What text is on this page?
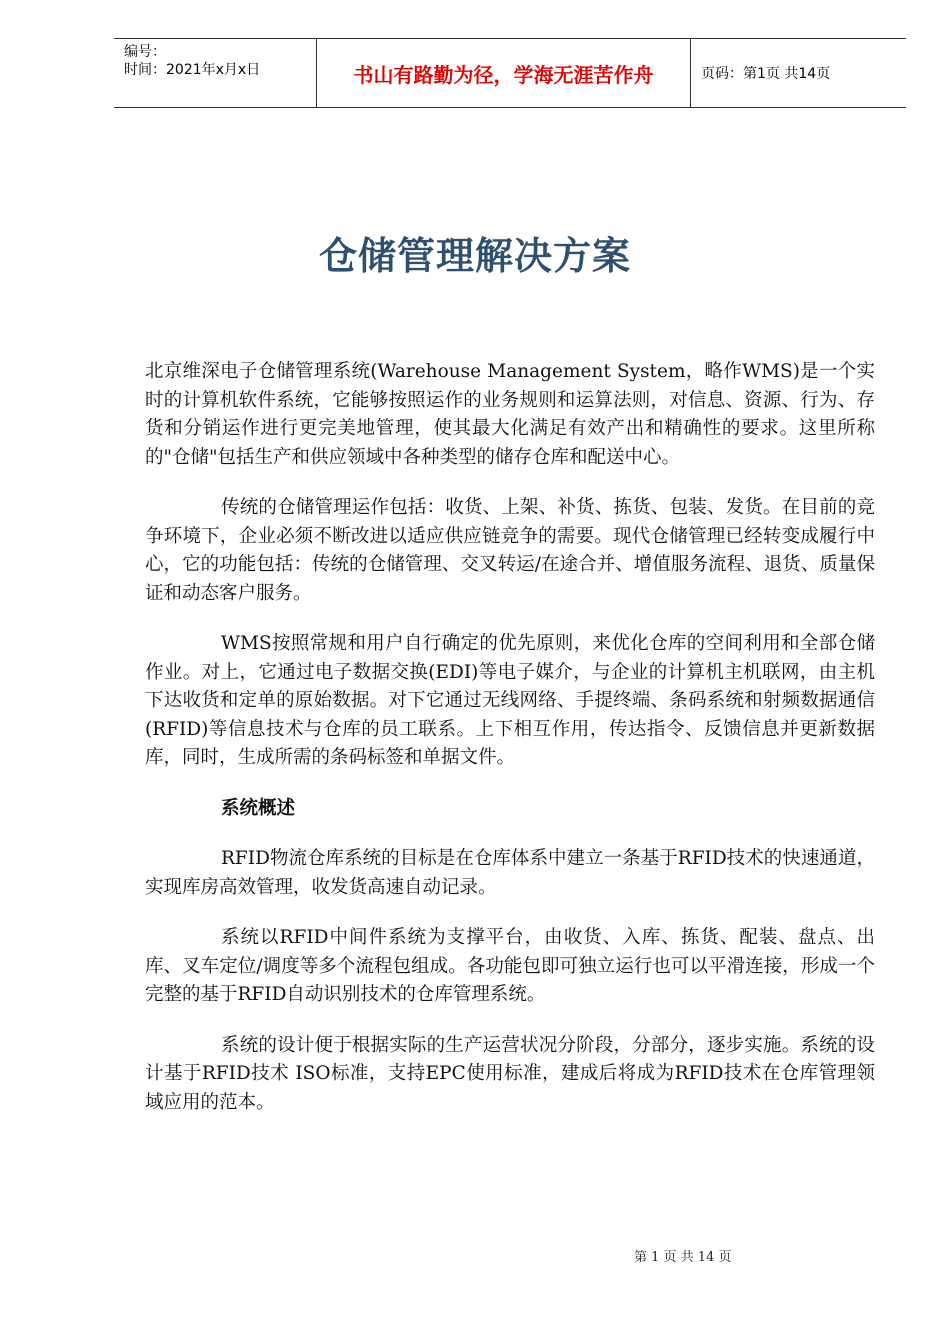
编号：
时间：2021年x月x日	书山有路勤为径，学海无涯苦作舟	页码：第1页 共14页
仓储管理解决方案

北京维深电子仓储管理系统(Warehouse Management System，略作WMS)是一个实时的计算机软件系统，它能够按照运作的业务规则和运算法则，对信息、资源、行为、存货和分销运作进行更完美地管理，使其最大化满足有效产出和精确性的要求。这里所称的"仓储"包括生产和供应领域中各种类型的储存仓库和配送中心。

传统的仓储管理运作包括：收货、上架、补货、拣货、包装、发货。在目前的竞争环境下，企业必须不断改进以适应供应链竞争的需要。现代仓储管理已经转变成履行中心，它的功能包括：传统的仓储管理、交叉转运/在途合并、增值服务流程、退货、质量保证和动态客户服务。

WMS按照常规和用户自行确定的优先原则，来优化仓库的空间利用和全部仓储作业。对上，它通过电子数据交换(EDI)等电子媒介，与企业的计算机主机联网，由主机下达收货和定单的原始数据。对下它通过无线网络、手提终端、条码系统和射频数据通信(RFID)等信息技术与仓库的员工联系。上下相互作用，传达指令、反馈信息并更新数据库，同时，生成所需的条码标签和单据文件。

系统概述

RFID物流仓库系统的目标是在仓库体系中建立一条基于RFID技术的快速通道，实现库房高效管理，收发货高速自动记录。

系统以RFID中间件系统为支撑平台，由收货、入库、拣货、配装、盘点、出库、叉车定位/调度等多个流程包组成。各功能包即可独立运行也可以平滑连接，形成一个完整的基于RFID自动识别技术的仓库管理系统。

系统的设计便于根据实际的生产运营状况分阶段，分部分，逐步实施。系统的设计基于RFID技术 ISO标准，支持EPC使用标准，建成后将成为RFID技术在仓库管理领域应用的范本。

第 1 页 共 14 页
